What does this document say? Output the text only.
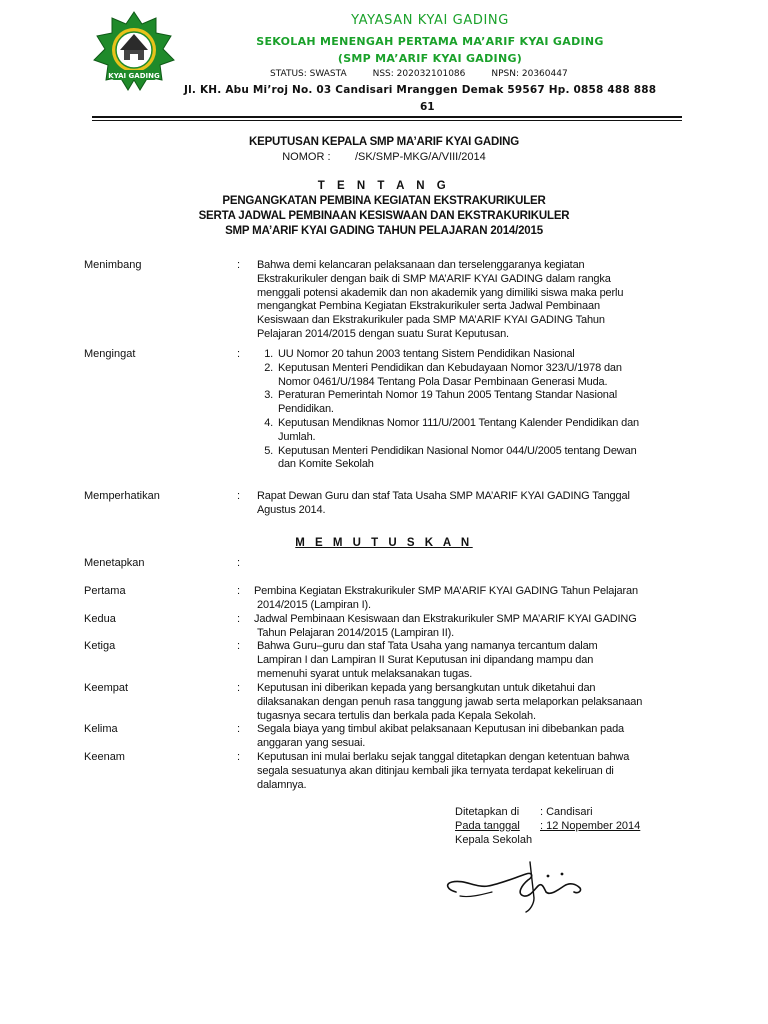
KYAI GADING
YAYASAN KYAI GADING
SEKOLAH MENENGAH PERTAMA MA’ARIF KYAI GADING
(SMP MA’ARIF KYAI GADING)
STATUS: SWASTA	NSS: 202032101086	NPSN: 20360447
Jl. KH. Abu Mi’roj No. 03 Candisari Mranggen Demak 59567 Hp. 0858 488 888
61
KEPUTUSAN KEPALA SMP MA’ARIF KYAI GADING
NOMOR :        /SK/SMP-MKG/A/VIII/2014
T E N T A N G
PENGANGKATAN PEMBINA KEGIATAN EKSTRAKURIKULER
SERTA JADWAL PEMBINAAN KESISWAAN DAN EKSTRAKURIKULER
SMP MA’ARIF KYAI GADING TAHUN PELAJARAN 2014/2015
Menimbang	: Bahwa demi kelancaran pelaksanaan dan terselenggaranya kegiatan
Ekstrakurikuler dengan baik di SMP MA’ARIF KYAI GADING dalam rangka
menggali potensi akademik dan non akademik yang dimiliki siswa maka perlu
mengangkat Pembina Kegiatan Ekstrakurikuler serta Jadwal Pembinaan
Kesiswaan dan Ekstrakurikuler pada SMP MA’ARIF KYAI GADING Tahun
Pelajaran 2014/2015 dengan suatu Surat Keputusan.
Mengingat	:
1.	UU Nomor 20 tahun 2003 tentang Sistem Pendidikan Nasional
2. Keputusan Menteri Pendidikan dan Kebudayaan Nomor 323/U/1978 dan
Nomor 0461/U/1984 Tentang Pola Dasar Pembinaan Generasi Muda.
3. Peraturan Pemerintah Nomor 19 Tahun 2005 Tentang Standar Nasional
Pendidikan.
4. Keputusan Mendiknas Nomor 111/U/2001 Tentang Kalender Pendidikan dan
Jumlah.
5. Keputusan Menteri Pendidikan Nasional Nomor 044/U/2005 tentang Dewan
dan Komite Sekolah
Memperhatikan	: Rapat Dewan Guru dan staf Tata Usaha SMP MA’ARIF KYAI GADING Tanggal
Agustus 2014.
M E M U T U S K A N
Menetapkan	:
Pertama	: Pembina Kegiatan Ekstrakurikuler SMP MA’ARIF KYAI GADING Tahun Pelajaran
2014/2015 (Lampiran I).
Kedua	: Jadwal Pembinaan Kesiswaan dan Ekstrakurikuler SMP MA’ARIF KYAI GADING
Tahun Pelajaran 2014/2015 (Lampiran II).
Ketiga	: Bahwa Guru–guru dan staf Tata Usaha yang namanya tercantum dalam
Lampiran I dan Lampiran II Surat Keputusan ini dipandang mampu dan
memenuhi syarat untuk melaksanakan tugas.
Keempat	: Keputusan ini diberikan kepada yang bersangkutan untuk diketahui dan
dilaksanakan dengan penuh rasa tanggung jawab serta melaporkan pelaksanaan
tugasnya secara tertulis dan berkala pada Kepala Sekolah.
Kelima	: Segala biaya yang timbul akibat pelaksanaan Keputusan ini dibebankan pada
anggaran yang sesuai.
Keenam	: Keputusan ini mulai berlaku sejak tanggal ditetapkan dengan ketentuan bahwa
segala sesuatunya akan ditinjau kembali jika ternyata terdapat kekeliruan di
dalamnya.
Ditetapkan di : Candisari
Pada tanggal : 12 Nopember 2014
Kepala Sekolah
